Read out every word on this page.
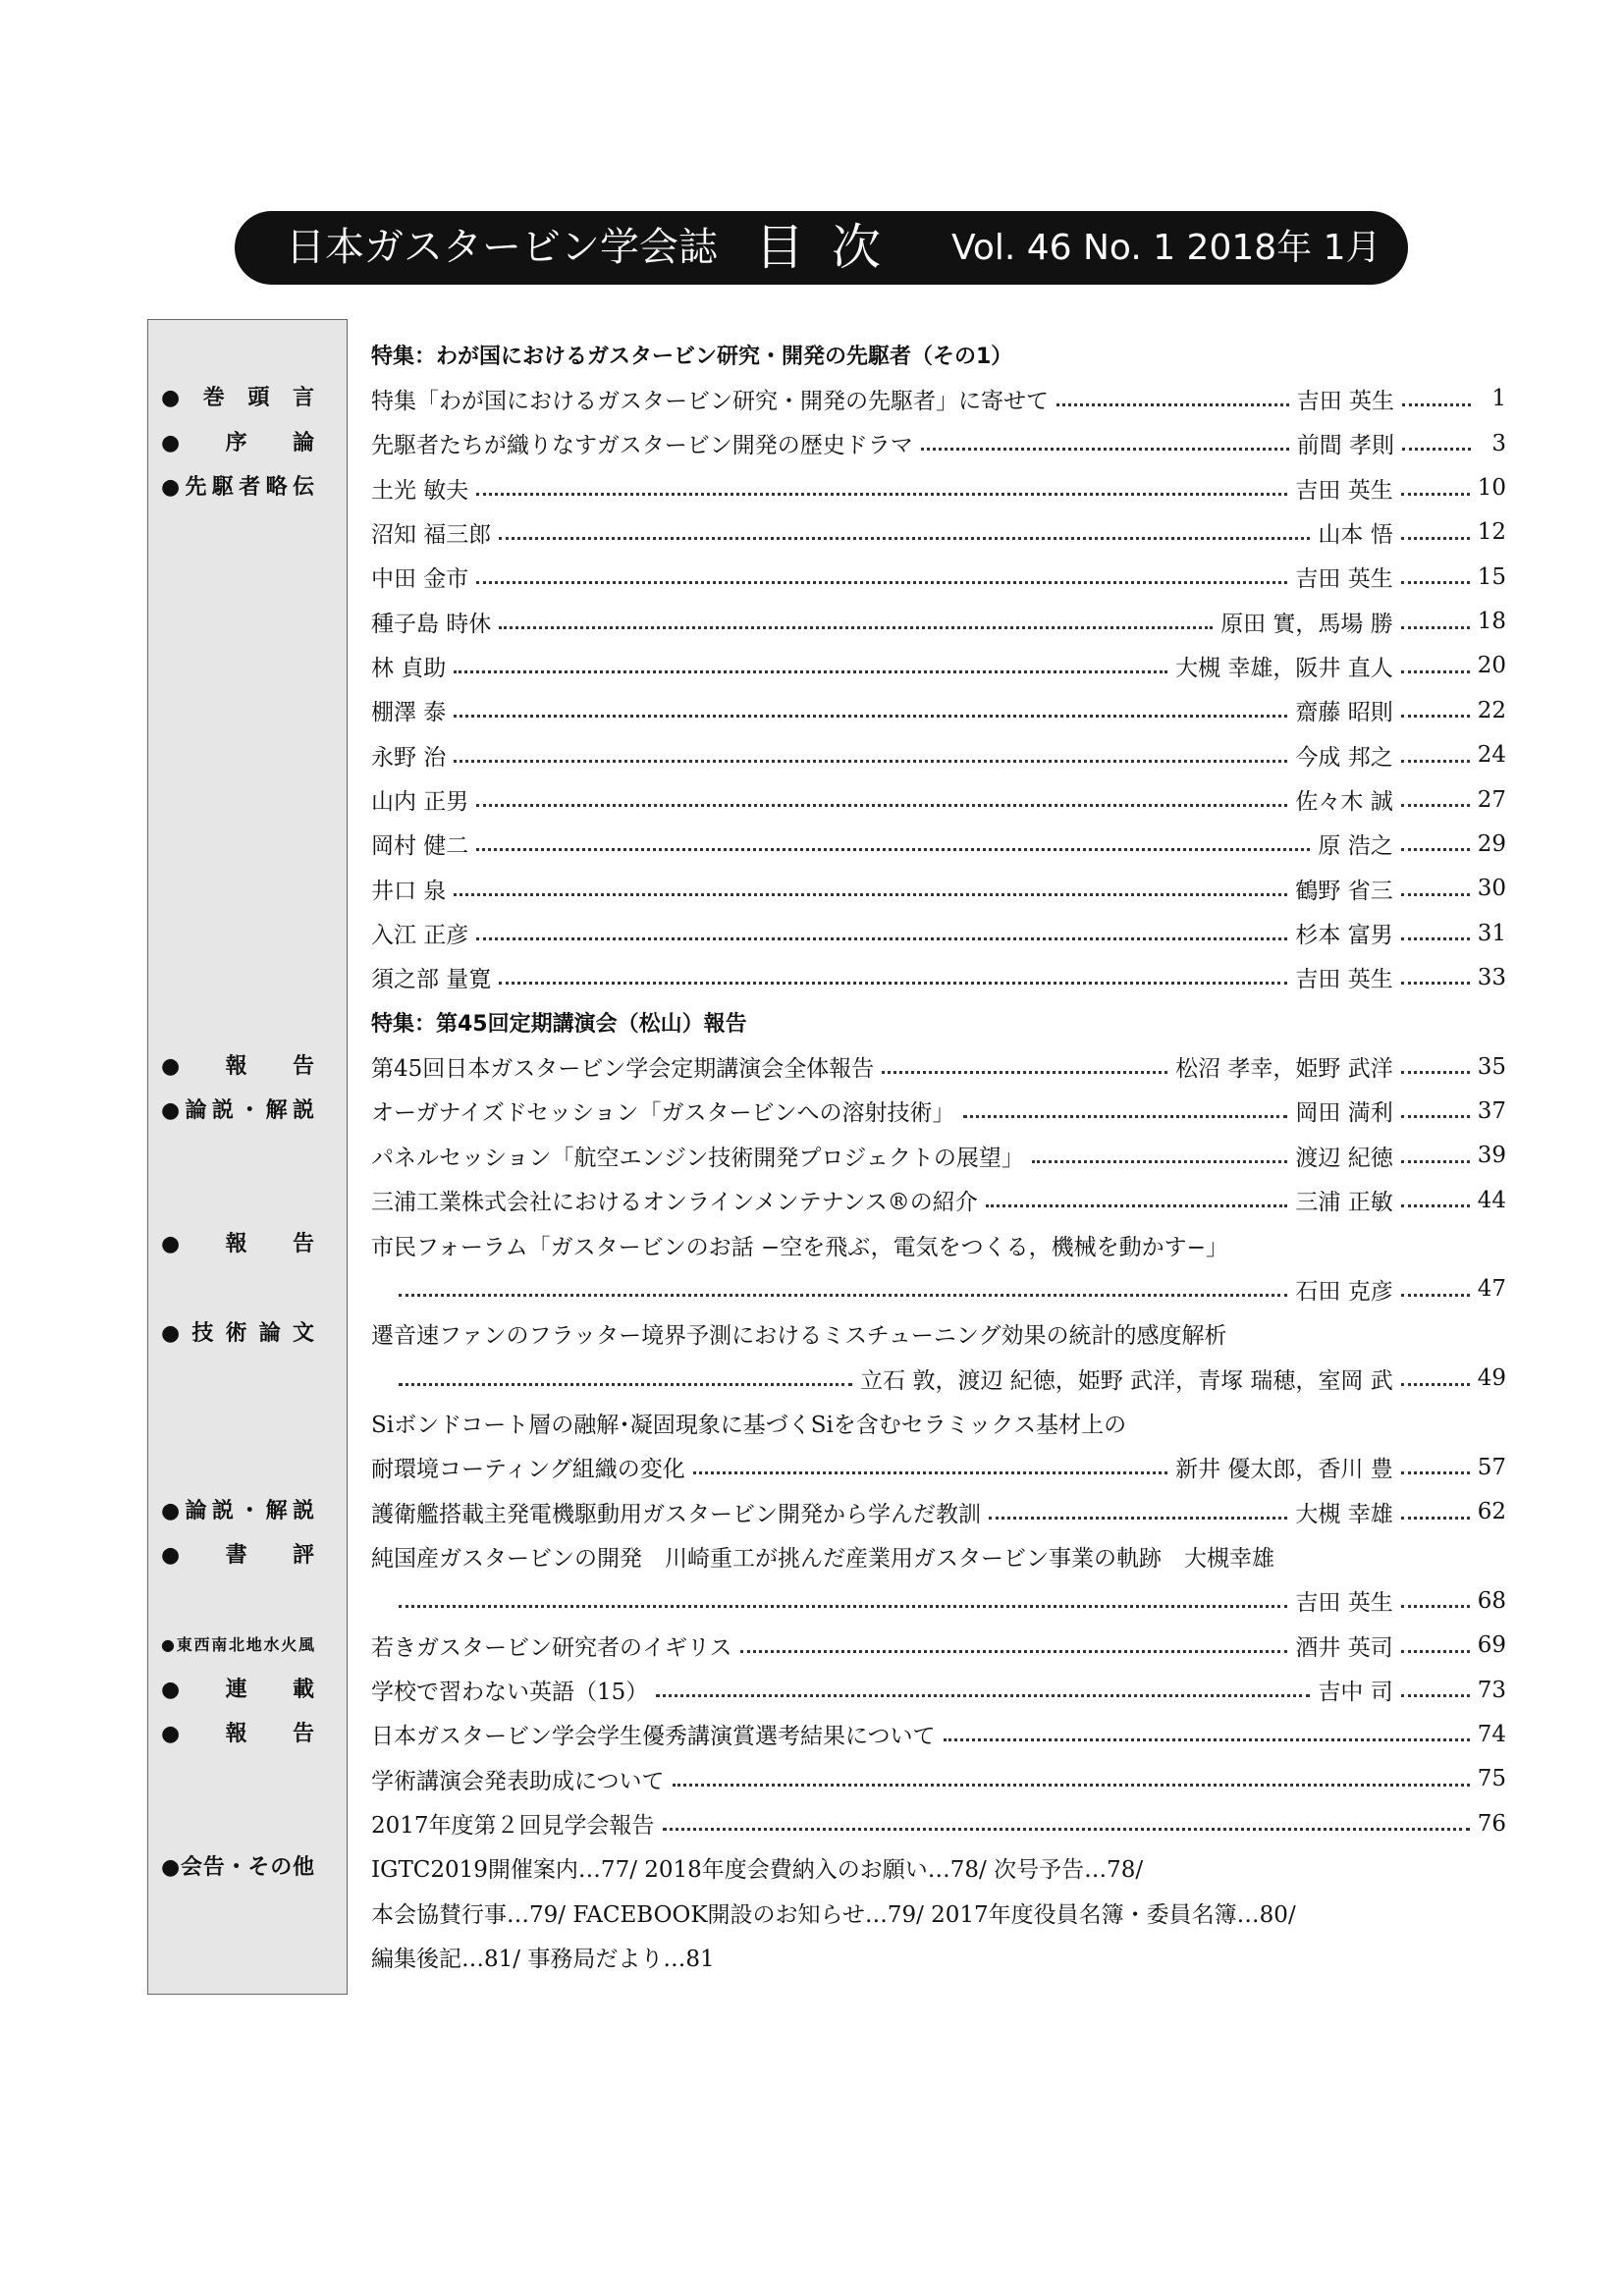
日本ガスタービン学会誌 目次 Vol. 46 No. 1 2018年 1月
特集：わが国におけるガスタービン研究・開発の先駆者（その1）
●巻頭言	特集「わが国におけるガスタービン研究・開発の先駆者」に寄せて	吉田 英生	1
●序論	先駆者たちが織りなすガスタービン開発の歴史ドラマ	前間 孝則	3
●先駆者略伝	土光 敏夫	吉田 英生	10
沼知 福三郎	山本 悟	12
中田 金市	吉田 英生	15
種子島 時休	原田 實，馬場 勝	18
林 貞助	大槻 幸雄，阪井 直人	20
棚澤 泰	齋藤 昭則	22
永野 治	今成 邦之	24
山内 正男	佐々木 誠	27
岡村 健二	原 浩之	29
井口 泉	鶴野 省三	30
入江 正彦	杉本 富男	31
須之部 量寛	吉田 英生	33
特集：第45回定期講演会（松山）報告
●報告	第45回日本ガスタービン学会定期講演会全体報告	松沼 孝幸，姫野 武洋	35
●論説・解説	オーガナイズドセッション「ガスタービンへの溶射技術」	岡田 満利	37
パネルセッション「航空エンジン技術開発プロジェクトの展望」	渡辺 紀徳	39
三浦工業株式会社におけるオンラインメンテナンス®の紹介	三浦 正敏	44
●報告	市民フォーラム「ガスタービンのお話 −空を飛ぶ，電気をつくる，機械を動かす−」
石田 克彦	47
●技術論文	遷音速ファンのフラッター境界予測におけるミスチューニング効果の統計的感度解析
立石 敦，渡辺 紀徳，姫野 武洋，青塚 瑞穂，室岡 武	49
Siボンドコート層の融解･凝固現象に基づくSiを含むセラミックス基材上の
耐環境コーティング組織の変化	新井 優太郎，香川 豊	57
●論説・解説	護衛艦搭載主発電機駆動用ガスタービン開発から学んだ教訓	大槻 幸雄	62
●書評	純国産ガスタービンの開発　川崎重工が挑んだ産業用ガスタービン事業の軌跡　大槻幸雄
吉田 英生	68
●東西南北地水火風	若きガスタービン研究者のイギリス	酒井 英司	69
●連載	学校で習わない英語（15）	吉中 司	73
●報告	日本ガスタービン学会学生優秀講演賞選考結果について	74
学術講演会発表助成について	75
2017年度第２回見学会報告	76
●会告・その他	IGTC2019開催案内…77/ 2018年度会費納入のお願い…78/ 次号予告…78/
本会協賛行事…79/ FACEBOOK開設のお知らせ…79/ 2017年度役員名簿・委員名簿…80/
編集後記…81/ 事務局だより…81
